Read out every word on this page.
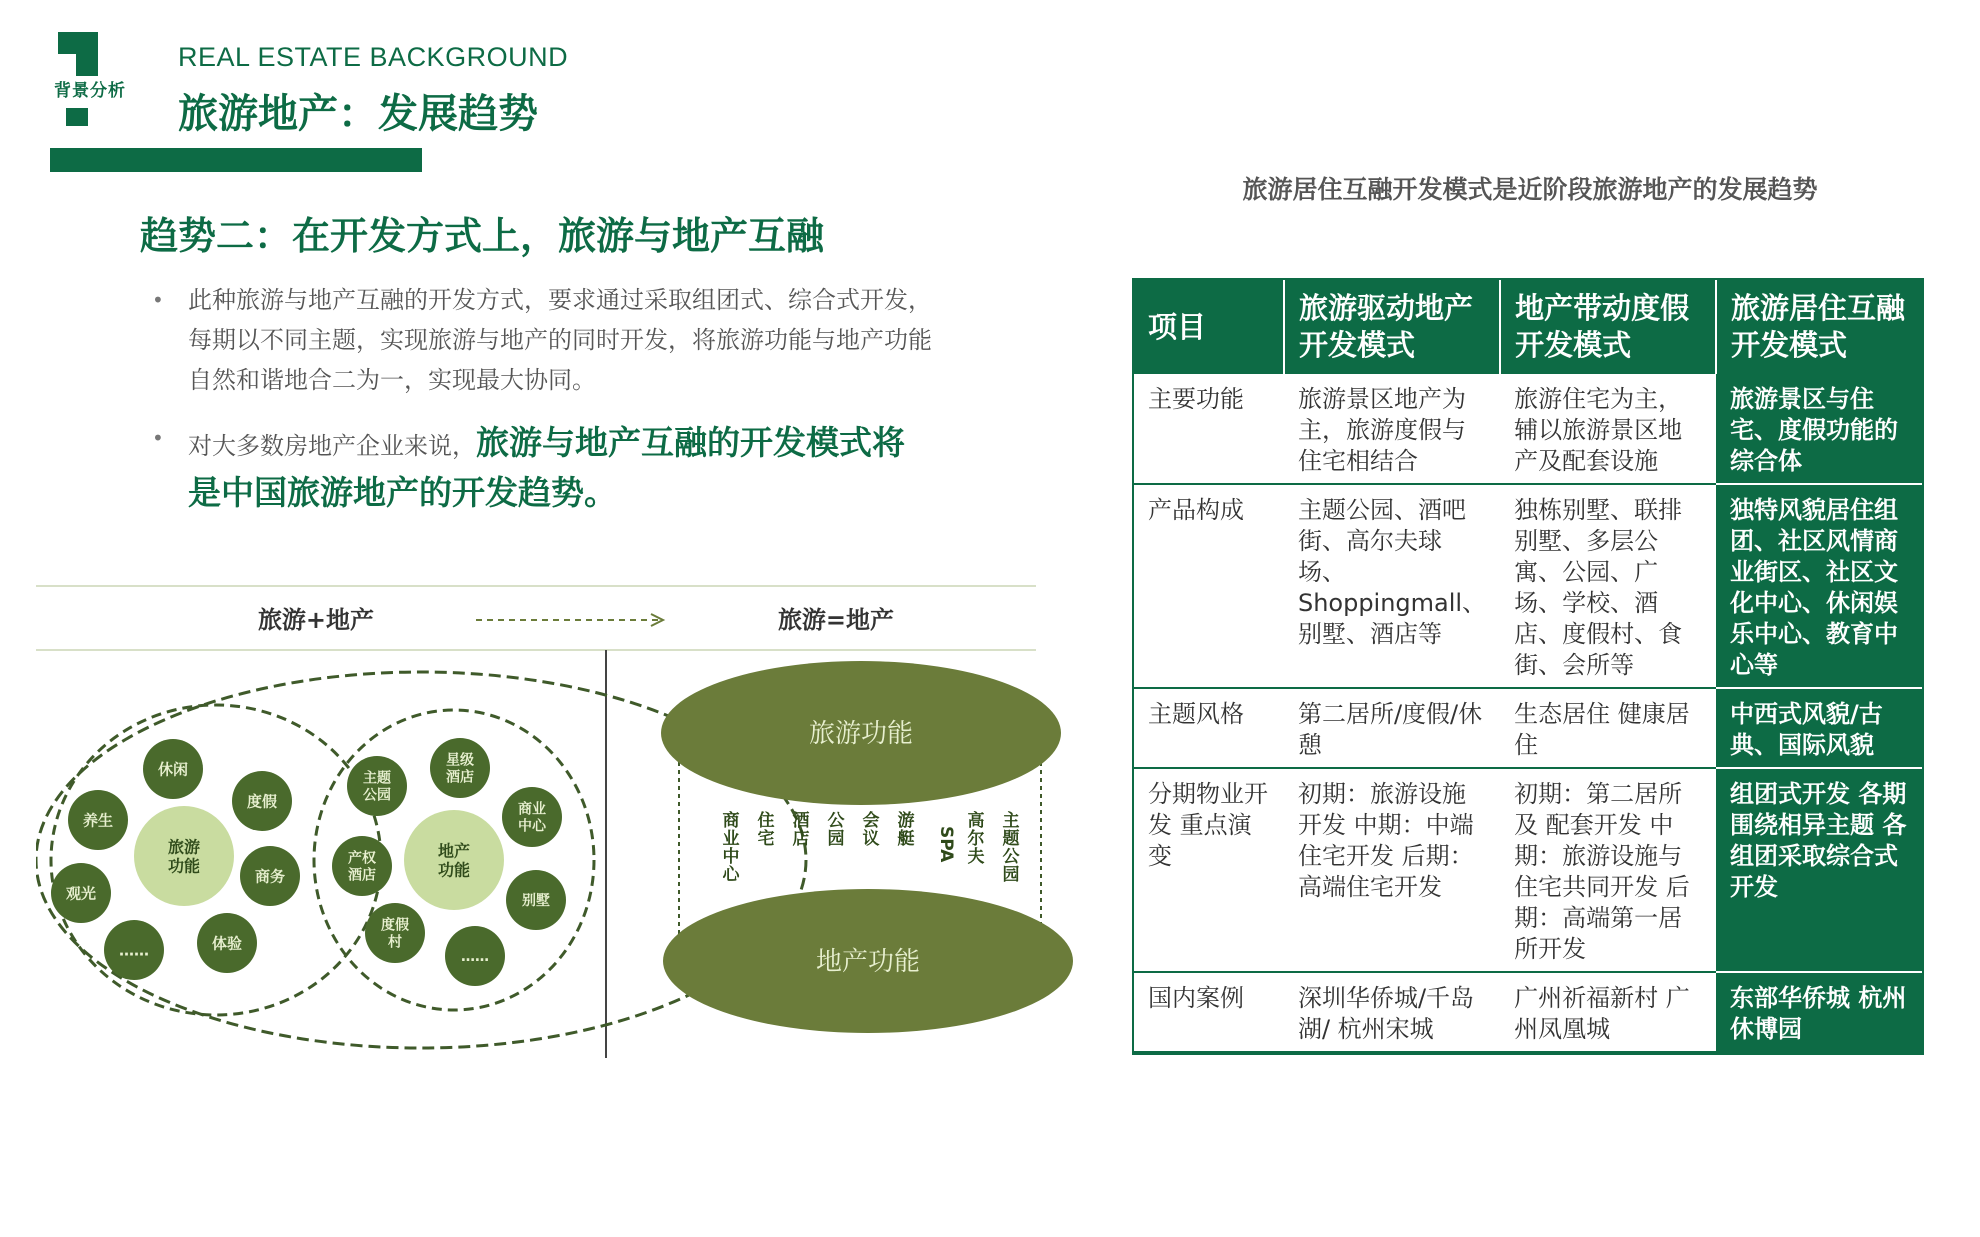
背景分析
REAL ESTATE BACKGROUND
旅游地产：发展趋势
趋势二：在开发方式上，旅游与地产互融
•	此种旅游与地产互融的开发方式，要求通过采取组团式、综合式开发，每期以不同主题，实现旅游与地产的同时开发，将旅游功能与地产功能自然和谐地合二为一，实现最大协同。
•	对大多数房地产企业来说，旅游与地产互融的开发模式将是中国旅游地产的开发趋势。
旅游+地产	旅游=地产
旅游
功能
休闲
度假
商务
体验
……
观光
养生
地产
功能
主题
公园
星级
酒店
商业
中心
别墅
……
度假
村
产权
酒店
旅游功能
商业中心
住宅
酒店
公园
会议
游艇 SPA
高尔夫
主题公园
地产功能
旅游居住互融开发模式是近阶段旅游地产的发展趋势
项目	旅游驱动地产开发模式	地产带动度假开发模式	旅游居住互融 开发模式
主要功能	旅游景区地产为主，旅游度假与住宅相结合	旅游住宅为主，辅以旅游景区地产及配套设施	旅游景区与住宅、度假功能的综合体
产品构成	主题公园、酒吧街、高尔夫球场、Shoppingmall、别墅、酒店等	独栋别墅、联排别墅、多层公寓、公园、广场、学校、酒店、度假村、食街、会所等	独特风貌居住组团、社区风情商业街区、社区文化中心、休闲娱乐中心、教育中心等
主题风格	第二居所/度假/休憩	生态居住 健康居住	中西式风貌/古典、国际风貌
分期物业开发 重点演变	初期：旅游设施开发 中期：中端住宅开发 后期：高端住宅开发	初期：第二居所及 配套开发 中期：旅游设施与住宅共同开发 后期：高端第一居所开发	组团式开发 各期围绕相异主题 各组团采取综合式开发
国内案例	深圳华侨城/千岛湖/ 杭州宋城	广州祈福新村 广州凤凰城	东部华侨城 杭州休博园
